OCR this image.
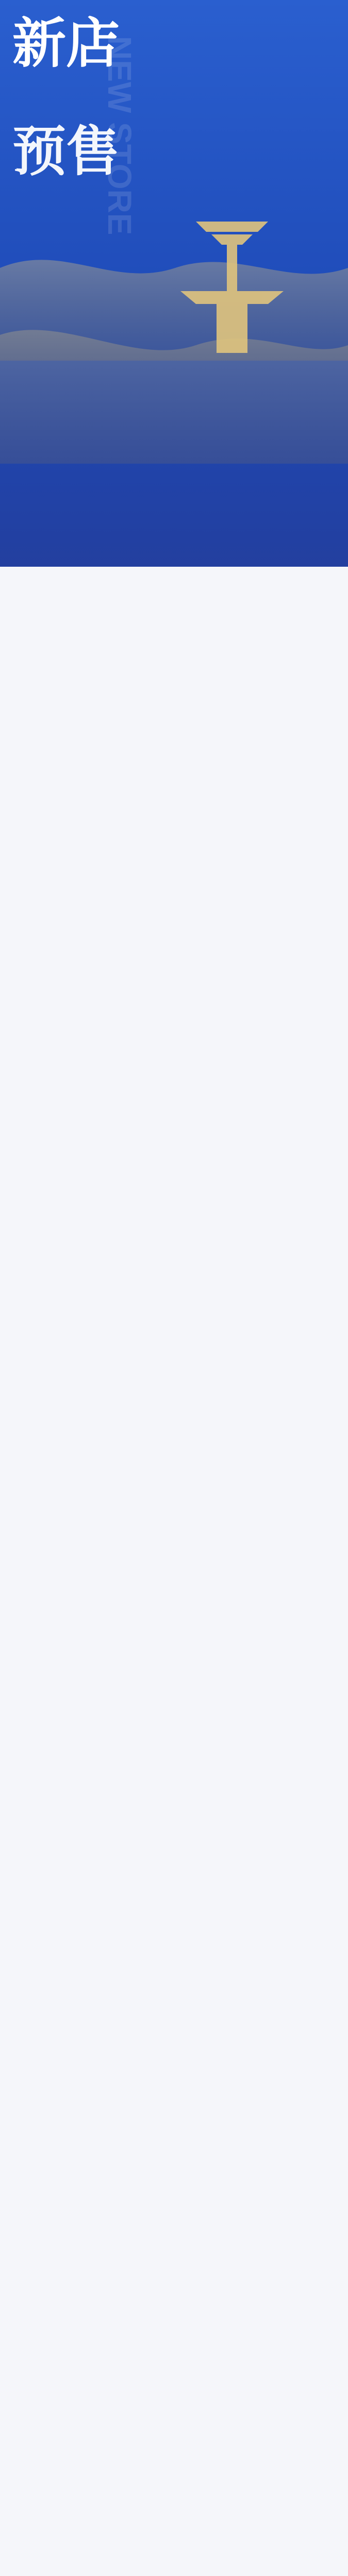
新店
预售
NEW STORE
